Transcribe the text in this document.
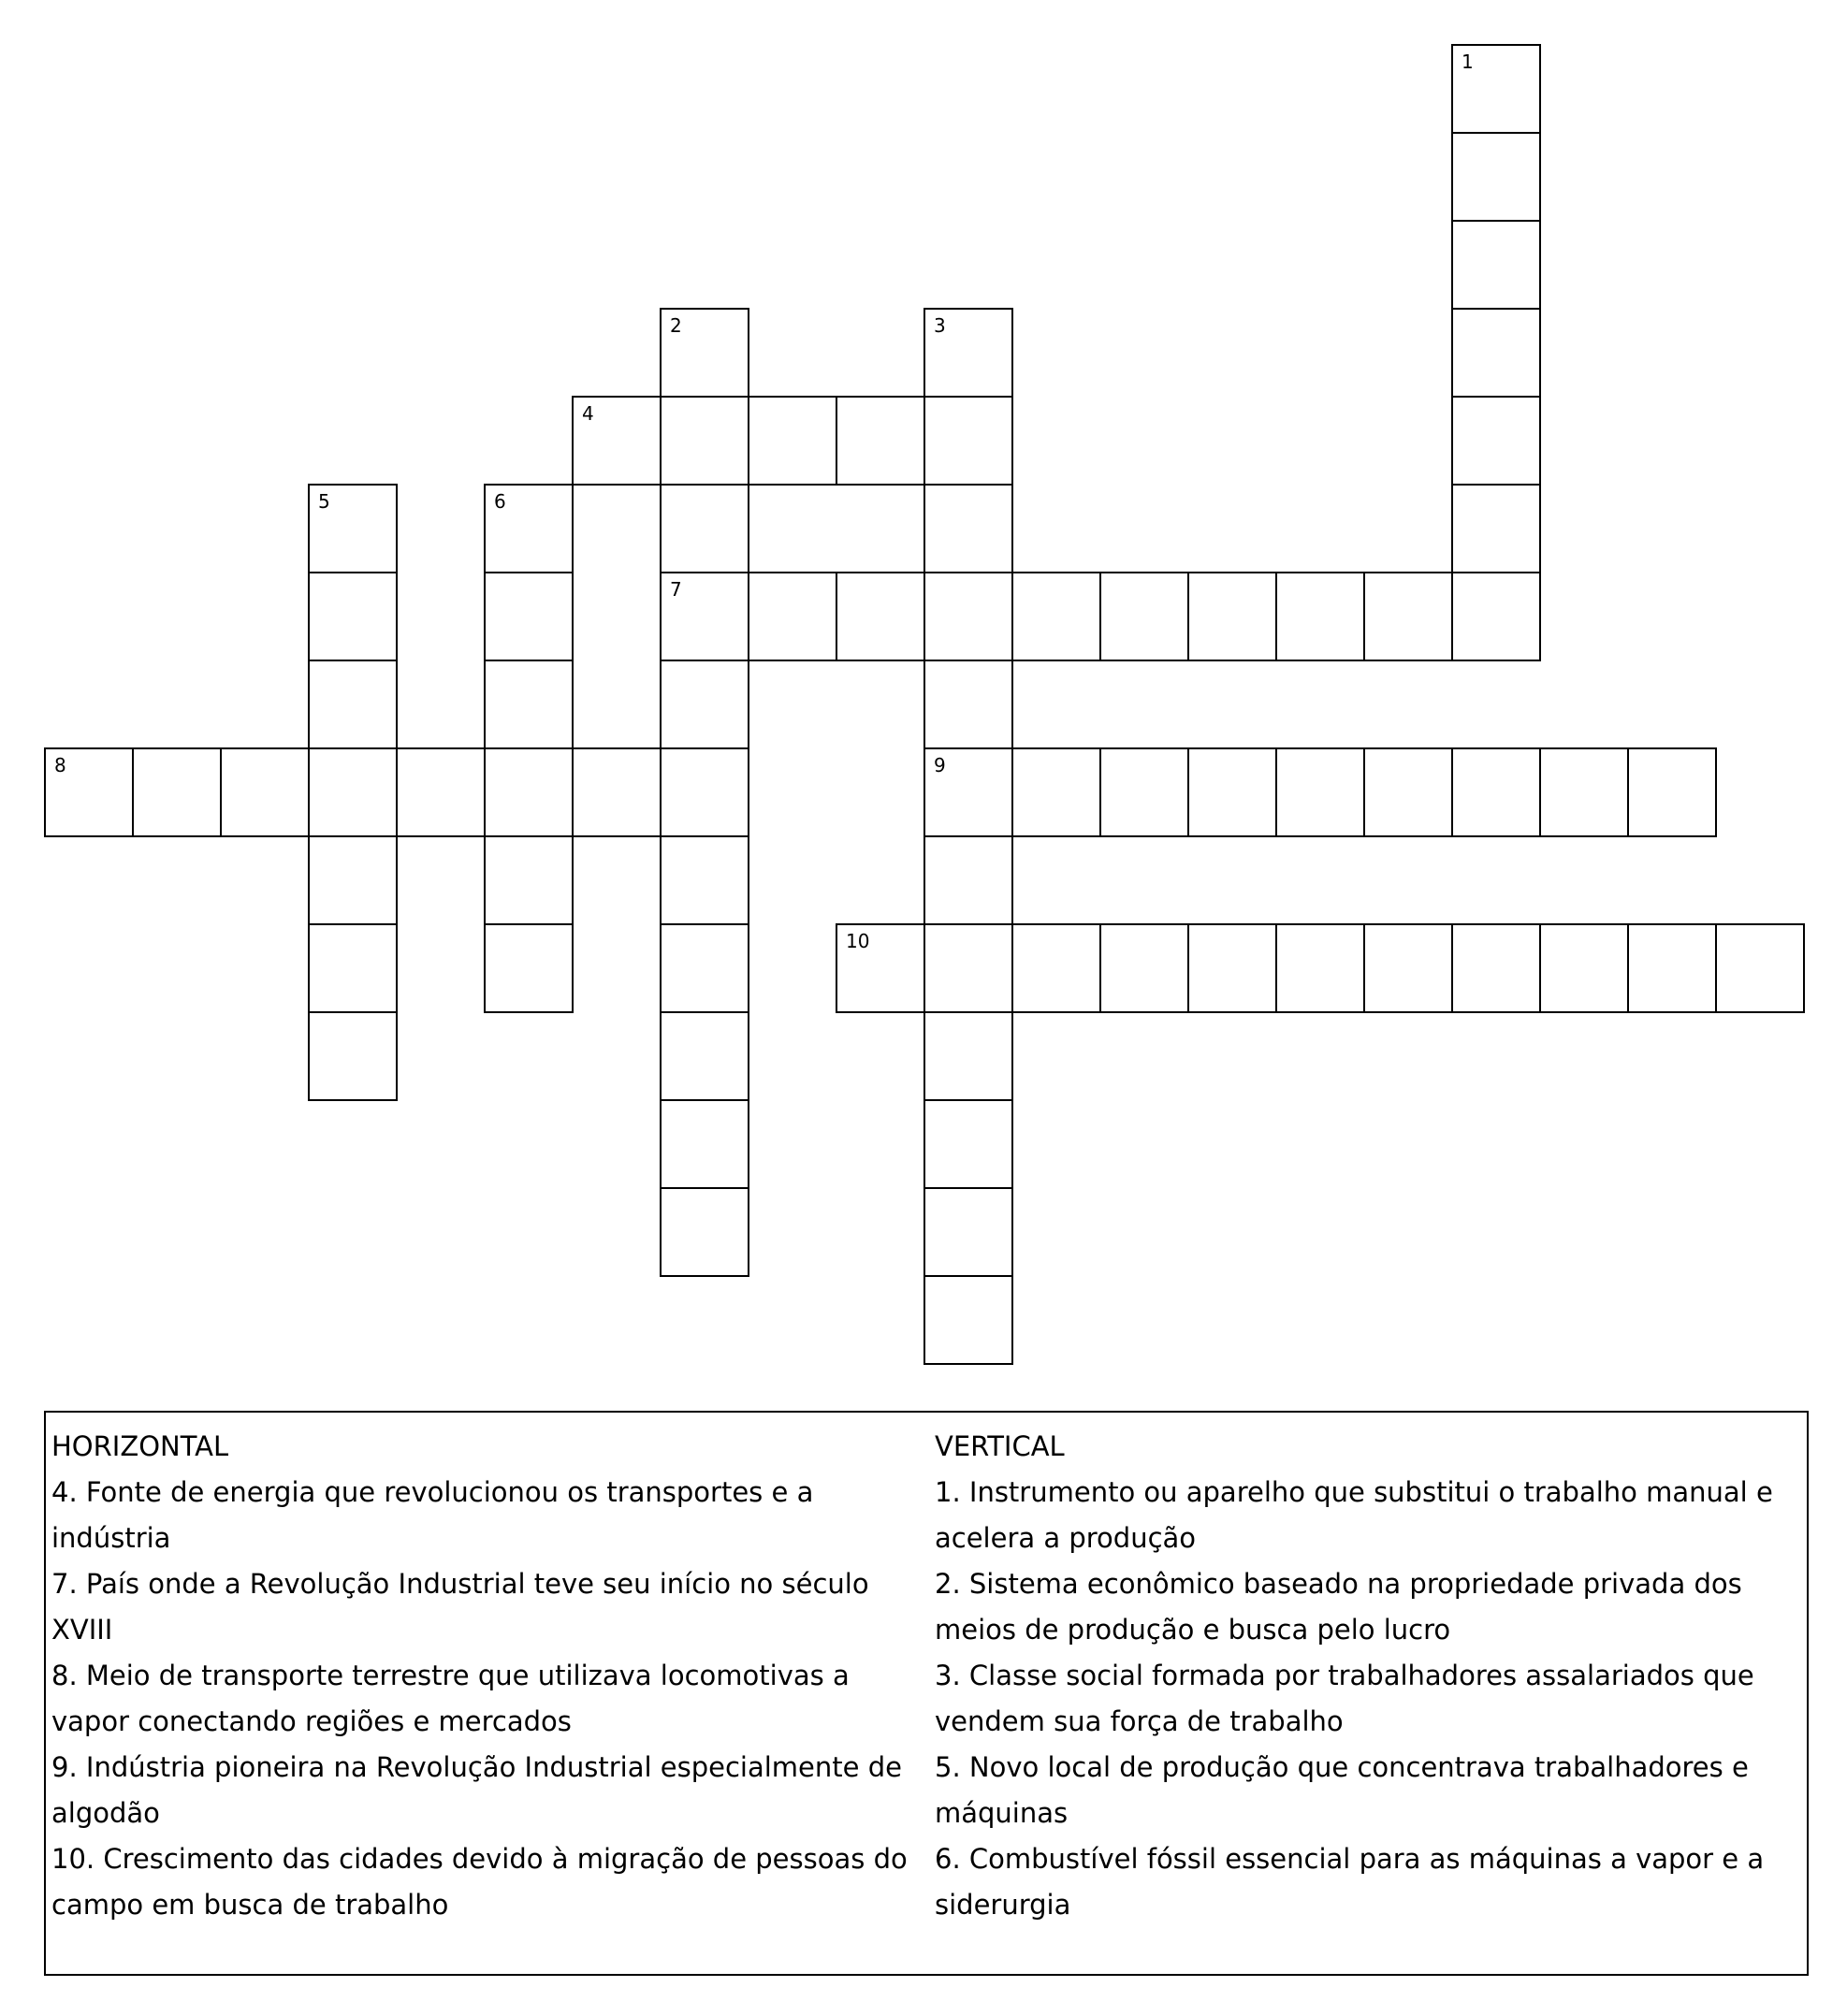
1
2
7
3
9
4
5	6
8
10
HORIZONTAL
4. Fonte de energia que revolucionou os transportes e a indústria
7. País onde a Revolução Industrial teve seu início no século XVIII
8. Meio de transporte terrestre que utilizava locomotivas a vapor conectando regiões e mercados
9. Indústria pioneira na Revolução Industrial especialmente de algodão
10. Crescimento das cidades devido à migração de pessoas do campo em busca de trabalho
VERTICAL
1. Instrumento ou aparelho que substitui o trabalho manual e acelera a produção
2. Sistema econômico baseado na propriedade privada dos meios de produção e busca pelo lucro
3. Classe social formada por trabalhadores assalariados que vendem sua força de trabalho
5. Novo local de produção que concentrava trabalhadores e máquinas
6. Combustível fóssil essencial para as máquinas a vapor e a siderurgia
